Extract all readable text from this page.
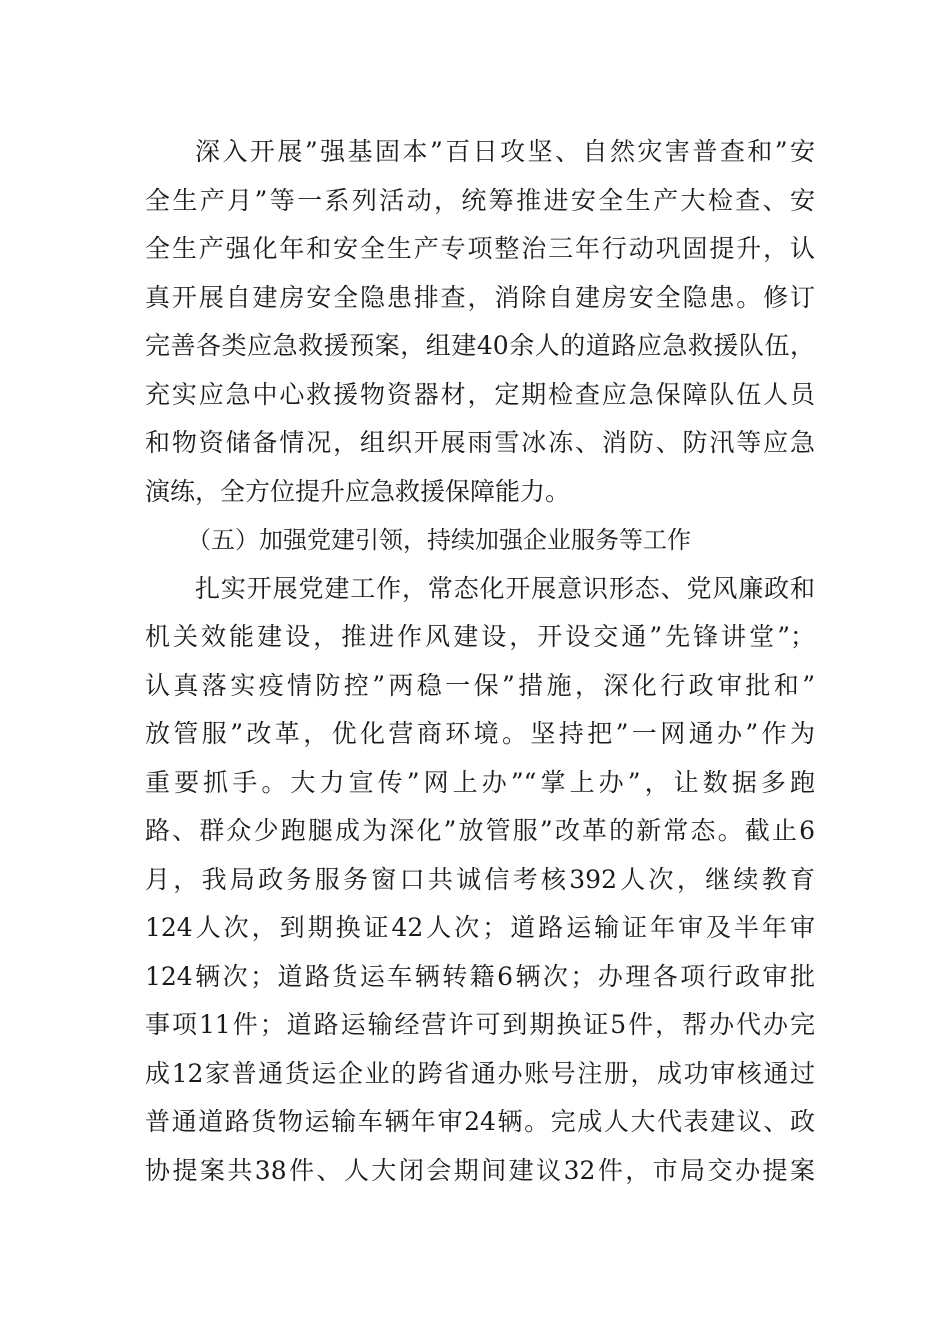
深入开展”强基固本”百日攻坚、自然灾害普查和”安
全生产月”等一系列活动，统筹推进安全生产大检查、安
全生产强化年和安全生产专项整治三年行动巩固提升，认
真开展自建房安全隐患排查，消除自建房安全隐患。修订
完善各类应急救援预案，组建40余人的道路应急救援队伍，
充实应急中心救援物资器材，定期检查应急保障队伍人员
和物资储备情况，组织开展雨雪冰冻、消防、防汛等应急
演练，全方位提升应急救援保障能力。
（五）加强党建引领，持续加强企业服务等工作
扎实开展党建工作，常态化开展意识形态、党风廉政和
机关效能建设，推进作风建设，开设交通”先锋讲堂”；
认真落实疫情防控”两稳一保”措施，深化行政审批和”
放管服”改革，优化营商环境。坚持把”一网通办”作为
重要抓手。大力宣传”网上办”“掌上办”，让数据多跑
路、群众少跑腿成为深化”放管服”改革的新常态。截止6
月，我局政务服务窗口共诚信考核392人次，继续教育
124人次，到期换证42人次；道路运输证年审及半年审
124辆次；道路货运车辆转籍6辆次；办理各项行政审批
事项11件；道路运输经营许可到期换证5件，帮办代办完
成12家普通货运企业的跨省通办账号注册，成功审核通过
普通道路货物运输车辆年审24辆。完成人大代表建议、政
协提案共38件、人大闭会期间建议32件，市局交办提案
